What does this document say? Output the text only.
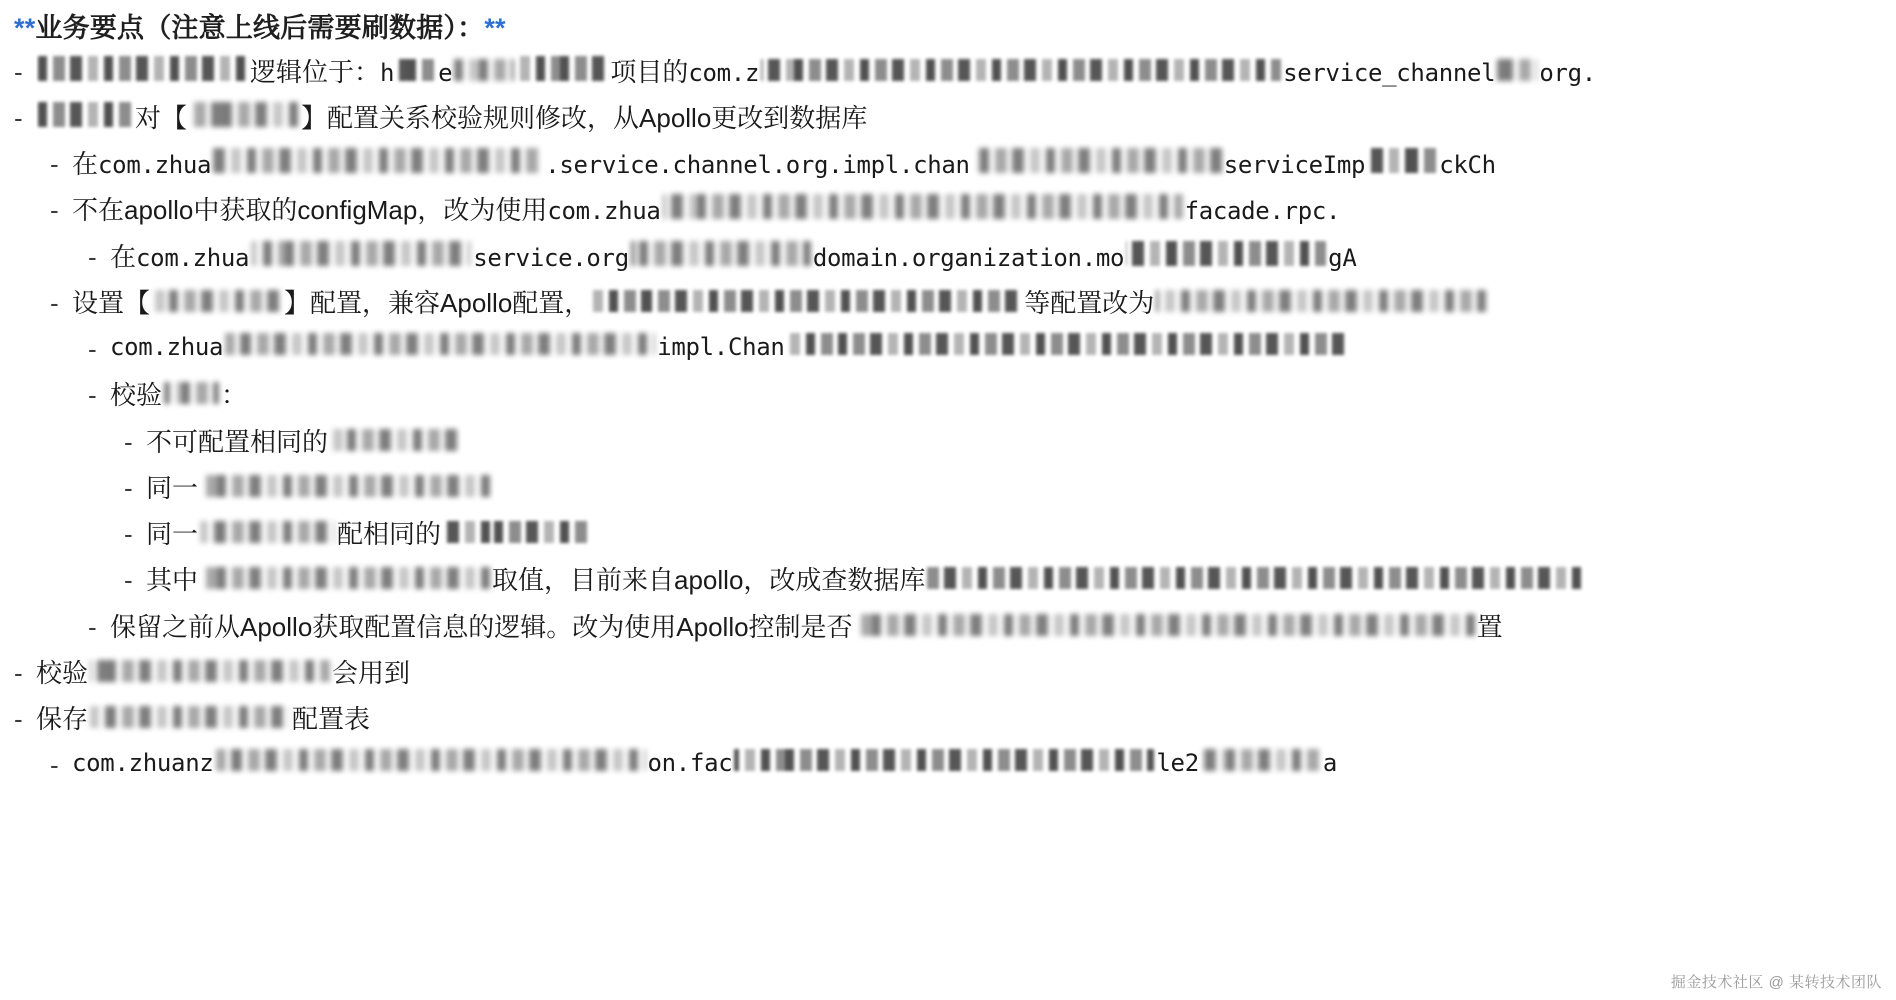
**业务要点（注意上线后需要刷数据）：**
-	逻辑位于： h e	项目的 com.z	service_channel org.
-	对【	】配置关系校验规则修改，从Apollo更改到数据库
- 在 com.zhua	.service.channel.org.impl.chan	serviceImp	ckCh
- 不在apollo中获取的configMap，改为使用 com.zhua	facade.rpc.
- 在 com.zhua	service.org	domain.organization.mo	gA
- 设置【	】配置，兼容Apollo配置，	等配置改为
- com.zhua	impl.Chan
- 校验 ：
- 不可配置相同的
- 同一
- 同一	配相同的
- 其中	取值，目前来自apollo，改成查数据库
- 保留之前从Apollo获取配置信息的逻辑。改为使用Apollo控制是否	置
- 校验	会用到
- 保存	配置表
- com.zhuanz	on.fac	le2	a
掘金技术社区 @ 某转技术团队
